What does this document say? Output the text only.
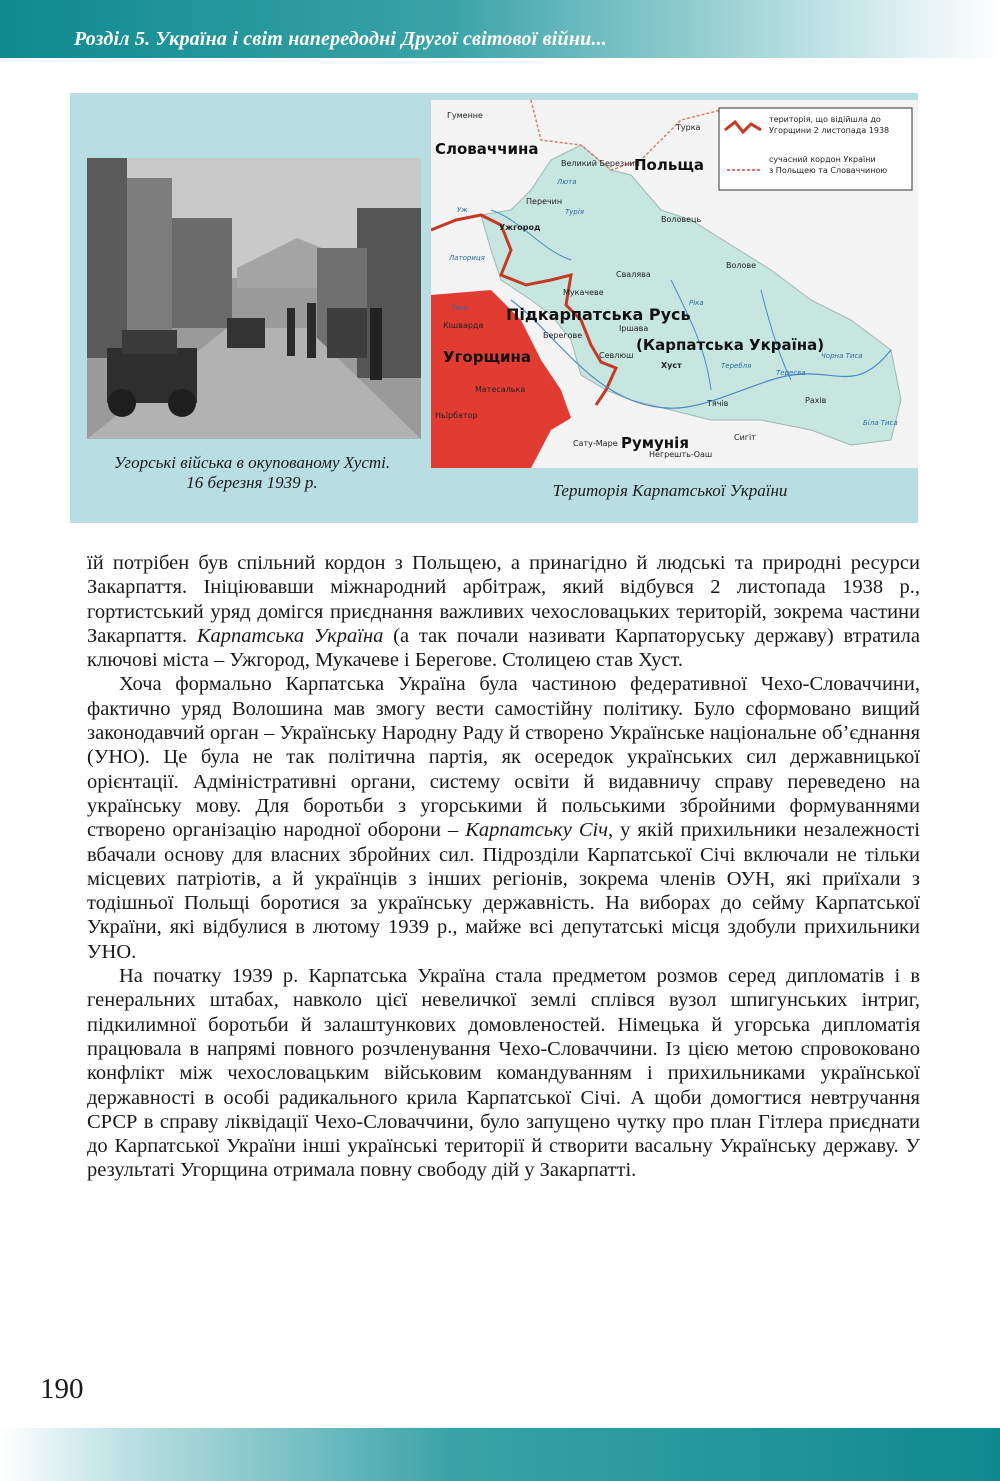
Розділ 5. Україна і світ напередодні Другої світової війни...
Угорські війська в окупованому Хусті.
16 березня 1939 р.
територія, що відійшла до
Угорщини 2 листопада 1938
сучасний кордон України
з Польщею та Словаччиною
Словаччина
Польща
Угорщина
Румунія
Підкарпатська Русь
(Карпатська Україна)
Гуменне
Турка
Великий Березний
Перечин
Ужгород
Воловець
Свалява
Мукачеве
Берегове
Іршава
Севлюш
Хуст
Кішварда
Матесалька
Ньїрбатор
Сату-Маре
Негрешть-Оаш
Сигіт
Тячів	Рахів
Волове
Уж
Лютa
Турія
Латориця
Тиса
Ріка
Теребля
Тересва
Чорна Тиса
Біла Тиса
Територія Карпатської України

їй потрібен був спільний кордон з Польщею, а принагідно й людські та природні ресурси Закарпаття. Ініціювавши міжнародний арбітраж, який відбувся 2 листопада 1938 р., гортистський уряд домігся приєднання важливих чехословацьких територій, зокрема частини Закарпаття. Карпатська Україна (а так почали називати Карпаторуську державу) втратила ключові міста – Ужгород, Мукачеве і Берегове. Столицею став Хуст.

Хоча формально Карпатська Україна була частиною федеративної Чехо-Словаччини, фактично уряд Волошина мав змогу вести самостійну політику. Було сформовано вищий законодавчий орган – Українську Народну Раду й створено Українське національне об’єднання (УНО). Це була не так політична партія, як осередок українських сил державницької орієнтації. Адміністративні органи, систему освіти й видавничу справу переведено на українську мову. Для боротьби з угорськими й польськими збройними формуваннями створено організацію народної оборони – Карпатську Січ, у якій прихильники незалежності вбачали основу для власних збройних сил. Підрозділи Карпатської Січі включали не тільки місцевих патріотів, а й українців з інших регіонів, зокрема членів ОУН, які приїхали з тодішньої Польщі боротися за українську державність. На виборах до сейму Карпатської України, які відбулися в лютому 1939 р., майже всі депутатські місця здобули прихильники УНО.

На початку 1939 р. Карпатська Україна стала предметом розмов серед дипломатів і в генеральних штабах, навколо цієї невеличкої землі сплівся вузол шпигунських інтриг, підкилимної боротьби й залаштункових домовленостей. Німецька й угорська дипломатія працювала в напрямі повного розчленування Чехо-Словаччини. Із цією метою спровоковано конфлікт між чехословацьким військовим командуванням і прихильниками української державності в особі радикального крила Карпатської Січі. А щоби домогтися невтручання СРСР в справу ліквідації Чехо-Словаччини, було запущено чутку про план Гітлера приєднати до Карпатської України інші українські території й створити васальну Українську державу. У результаті Угорщина отримала повну свободу дій у Закарпатті.

190
